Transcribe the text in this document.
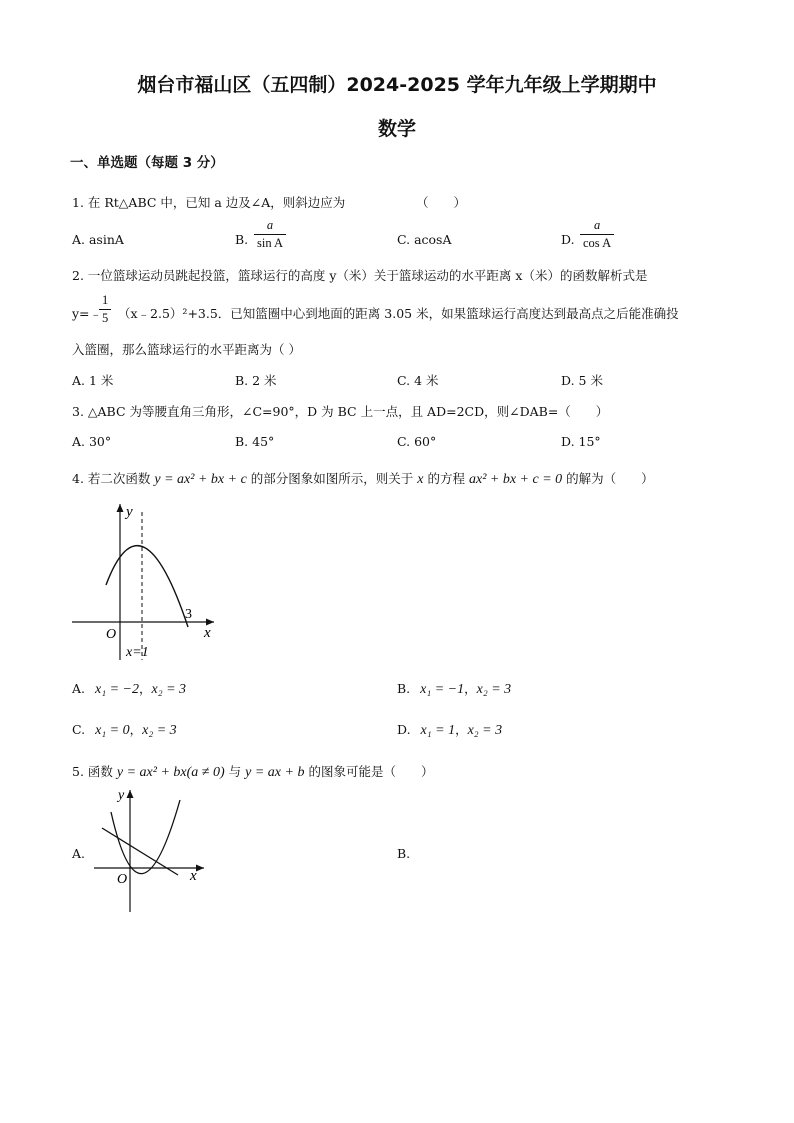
烟台市福山区（五四制）2024-2025 学年九年级上学期期中
数学
一、单选题（每题 3 分）
1. 在 Rt△ABC 中，已知 a 边及∠A，则斜边应为	（　　）
A. asinA	B. $\frac{a}{\text{sin A}}$	C. acosA	D. $\frac{a}{\text{cos A}}$
2. 一位篮球运动员跳起投篮，篮球运行的高度 y（米）关于篮球运动的水平距离 x（米）的函数解析式是
y=﹣
$\frac{1}{5}$ （x﹣2.5）²+3.5．已知篮圈中心到地面的距离 3.05 米，如果篮球运行高度达到最高点之后能准确投
入篮圈，那么篮球运行的水平距离为（ ）
A. 1 米	B. 2 米	C. 4 米	D. 5 米
3. △ABC 为等腰直角三角形，∠C=90°，D 为 BC 上一点，且 AD=2CD，则∠DAB=（　　）
A. 30°	B. 45°	C. 60°	D. 15°
4. 若二次函数 y = ax² + bx + c 的部分图象如图所示，则关于 x 的方程 ax² + bx + c = 0 的解为（　　）
y
x
O
3
x=1
A. x₁ = −2，x₂ = 3	B. x₁ = −1，x₂ = 3
C. x₁ = 0，x₂ = 3	D. x₁ = 1，x₂ = 3
5. 函数 y = ax² + bx(a ≠ 0) 与 y = ax + b 的图象可能是（　　）
A.
y
x
O
B.
